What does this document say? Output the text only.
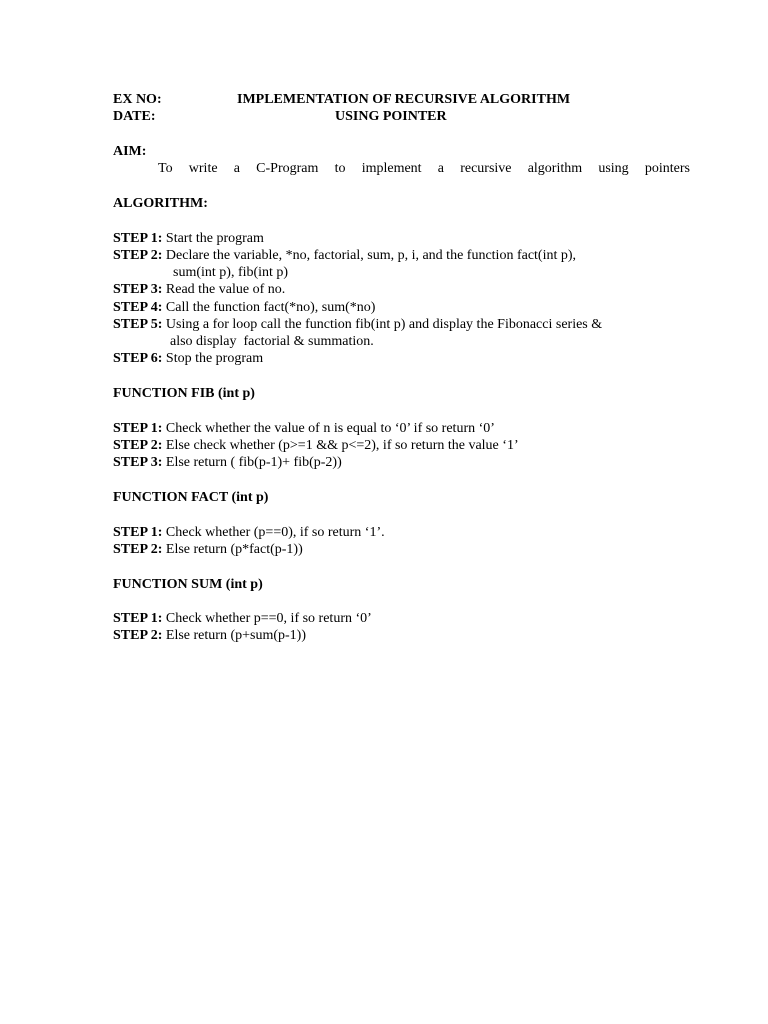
EX NO:	IMPLEMENTATION OF RECURSIVE ALGORITHM
DATE:	USING POINTER
AIM:
To write a C-Program to implement a recursive algorithm using pointers
ALGORITHM:
STEP 1: Start the program
STEP 2: Declare the variable, *no, factorial, sum, p, i, and the function fact(int p),
sum(int p), fib(int p)
STEP 3: Read the value of no.
STEP 4: Call the function fact(*no), sum(*no)
STEP 5: Using a for loop call the function fib(int p) and display the Fibonacci series &
also display  factorial & summation.
STEP 6: Stop the program
FUNCTION FIB (int p)
STEP 1: Check whether the value of n is equal to ‘0’ if so return ‘0’
STEP 2: Else check whether (p>=1 && p<=2), if so return the value ‘1’
STEP 3: Else return ( fib(p-1)+ fib(p-2))
FUNCTION FACT (int p)
STEP 1: Check whether (p==0), if so return ‘1’.
STEP 2: Else return (p*fact(p-1))
FUNCTION SUM (int p)
STEP 1: Check whether p==0, if so return ‘0’
STEP 2: Else return (p+sum(p-1))
